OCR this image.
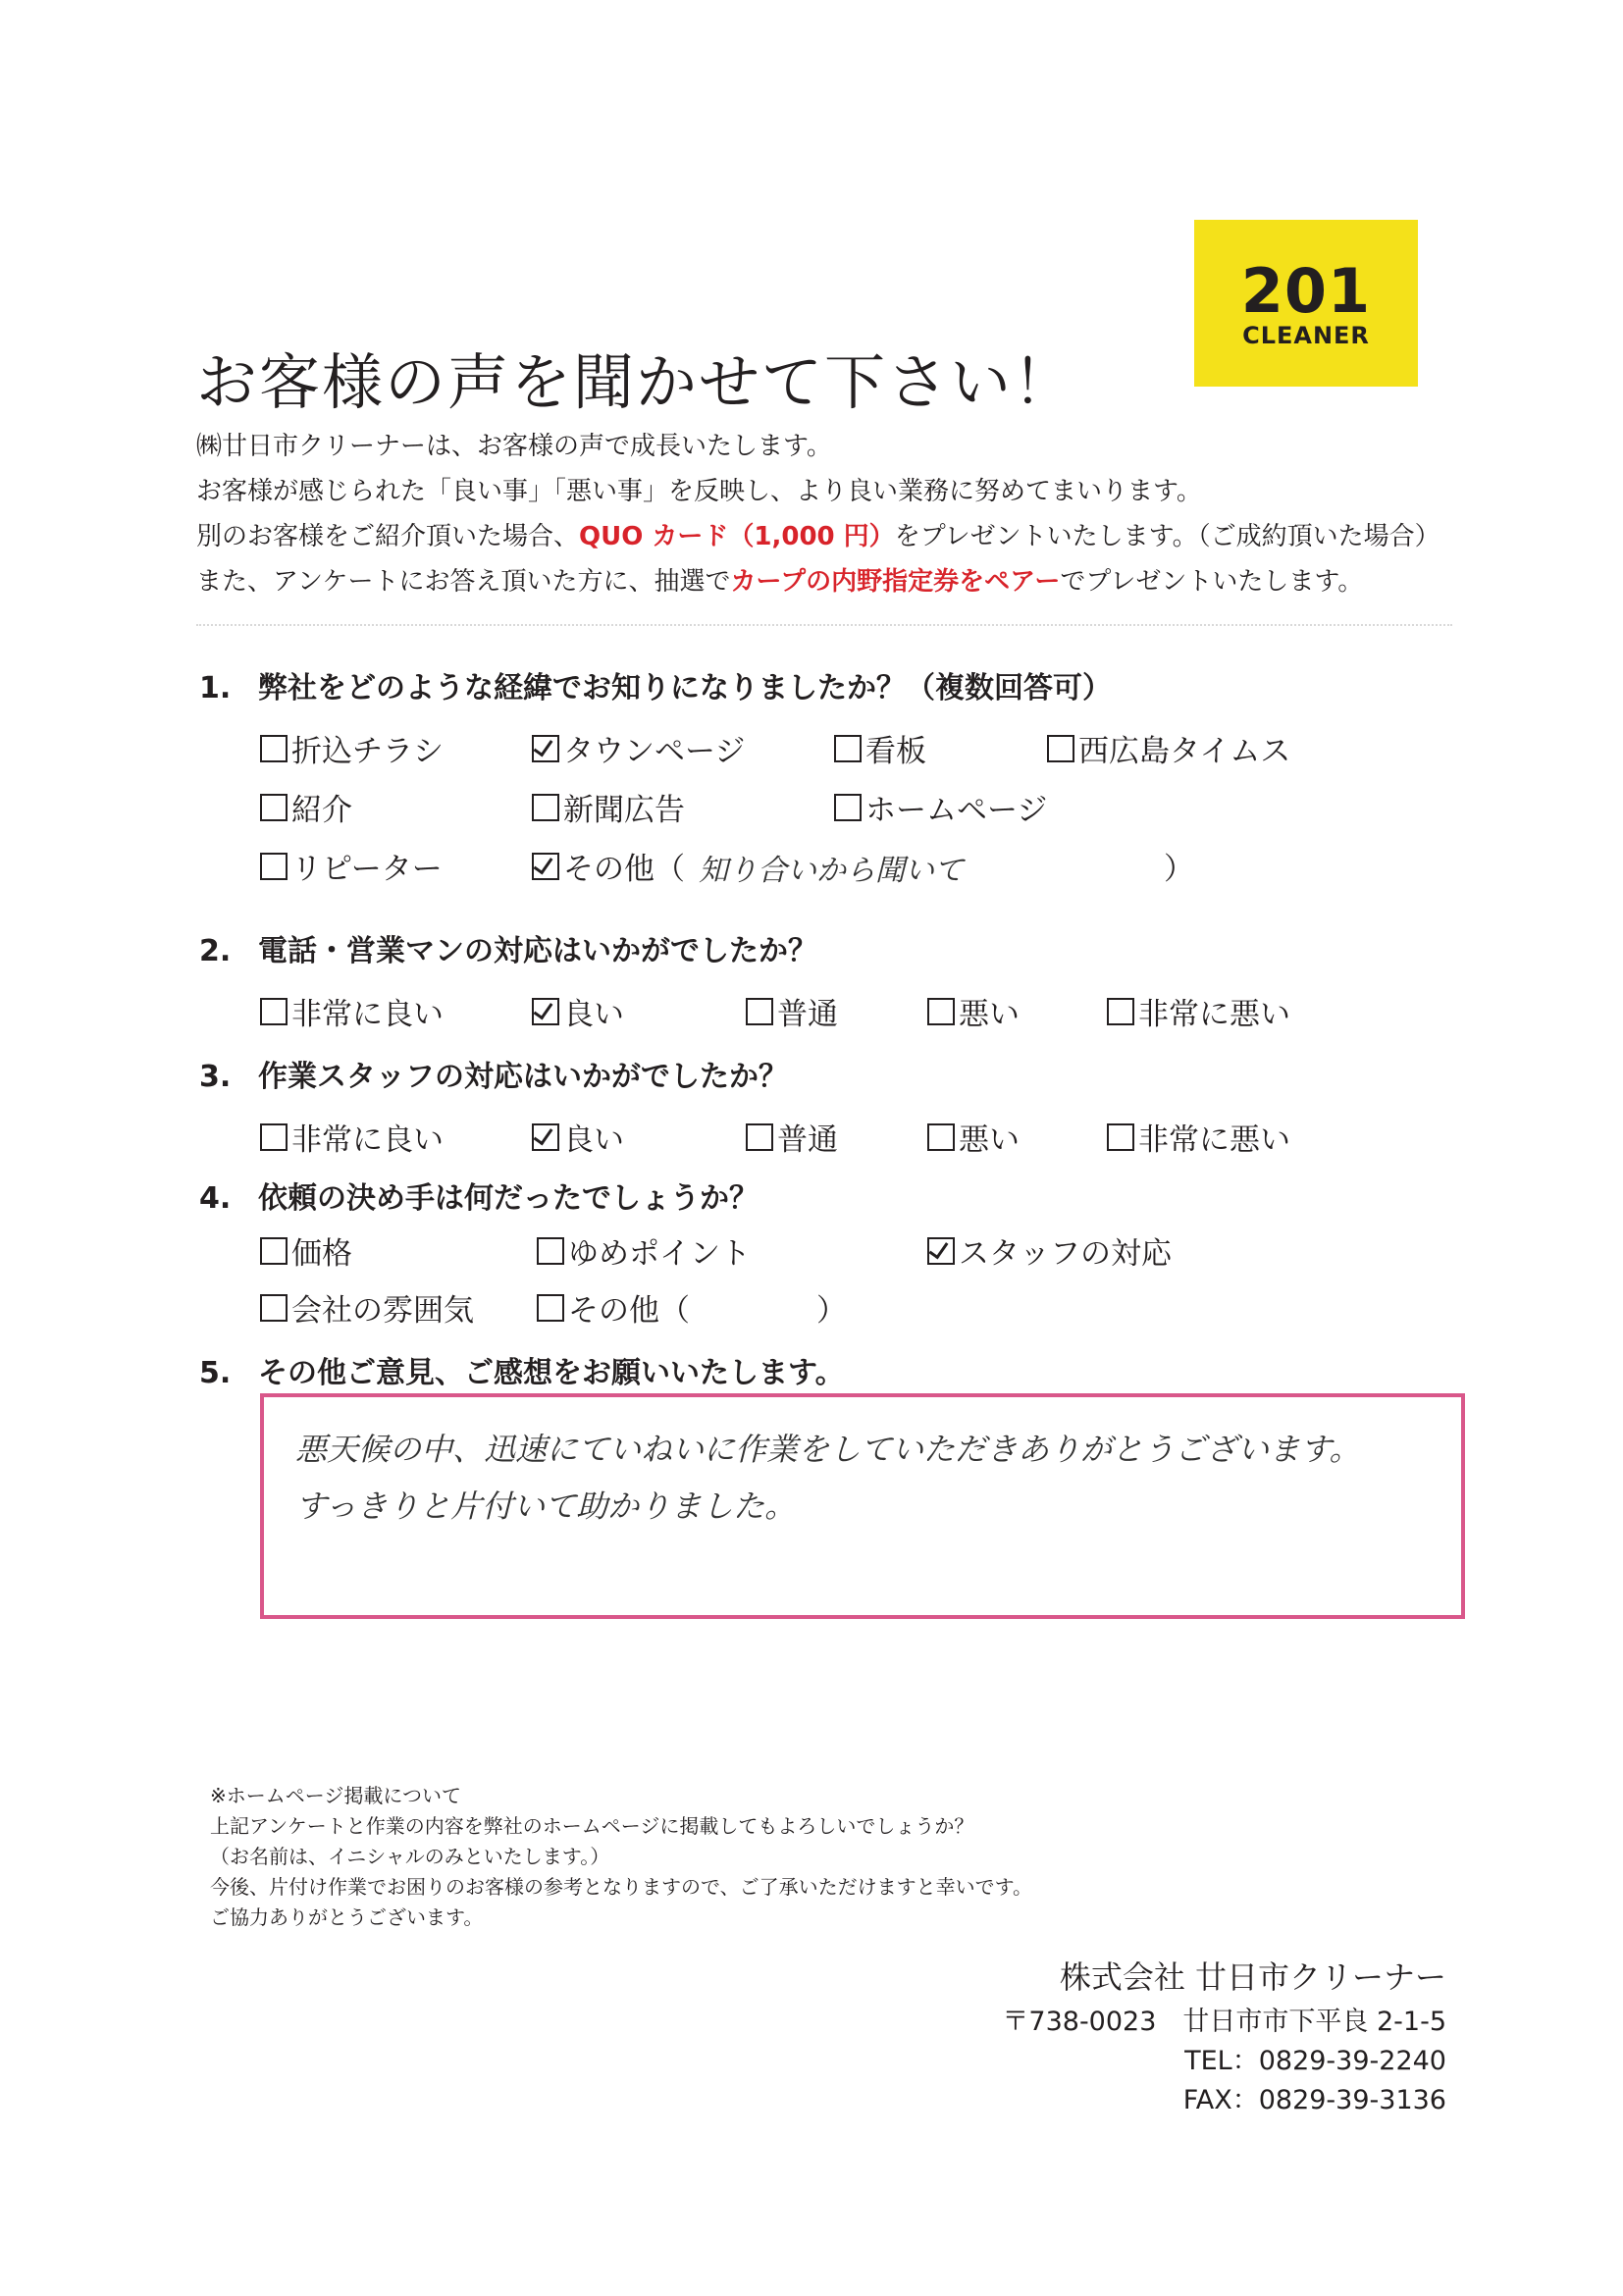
201
CLEANER
お客様の声を聞かせて下さい！

㈱廿日市クリーナーは、お客様の声で成長いたします。

お客様が感じられた「良い事」「悪い事」を反映し、より良い業務に努めてまいります。

別のお客様をご紹介頂いた場合、QUO カード（1,000 円）をプレゼントいたします。（ご成約頂いた場合）

また、アンケートにお答え頂いた方に、抽選でカープの内野指定券をペアーでプレゼントいたします。

1. 弊社をどのような経緯でお知りになりましたか？（複数回答可）
折込チラシ	タウンページ	看板	西広島タイムス
紹介	新聞広告	ホームページ
リピーター	その他（ 知り合いから聞いて	）
2. 電話・営業マンの対応はいかがでしたか？
非常に良い	良い	普通	悪い	非常に悪い
3. 作業スタッフの対応はいかがでしたか？
非常に良い	良い	普通	悪い	非常に悪い
4. 依頼の決め手は何だったでしょうか？
価格	ゆめポイント	スタッフの対応
会社の雰囲気	その他（	）
5. その他ご意見、ご感想をお願いいたします。
悪天候の中、迅速にていねいに作業をしていただきありがとうございます。
すっきりと片付いて助かりました。

※ホームページ掲載について

上記アンケートと作業の内容を弊社のホームページに掲載してもよろしいでしょうか？

（お名前は、イニシャルのみといたします。）

今後、片付け作業でお困りのお客様の参考となりますので、ご了承いただけますと幸いです。

ご協力ありがとうございます。

株式会社 廿日市クリーナー
〒738-0023　廿日市市下平良 2-1-5
TEL：0829-39-2240
FAX：0829-39-3136
